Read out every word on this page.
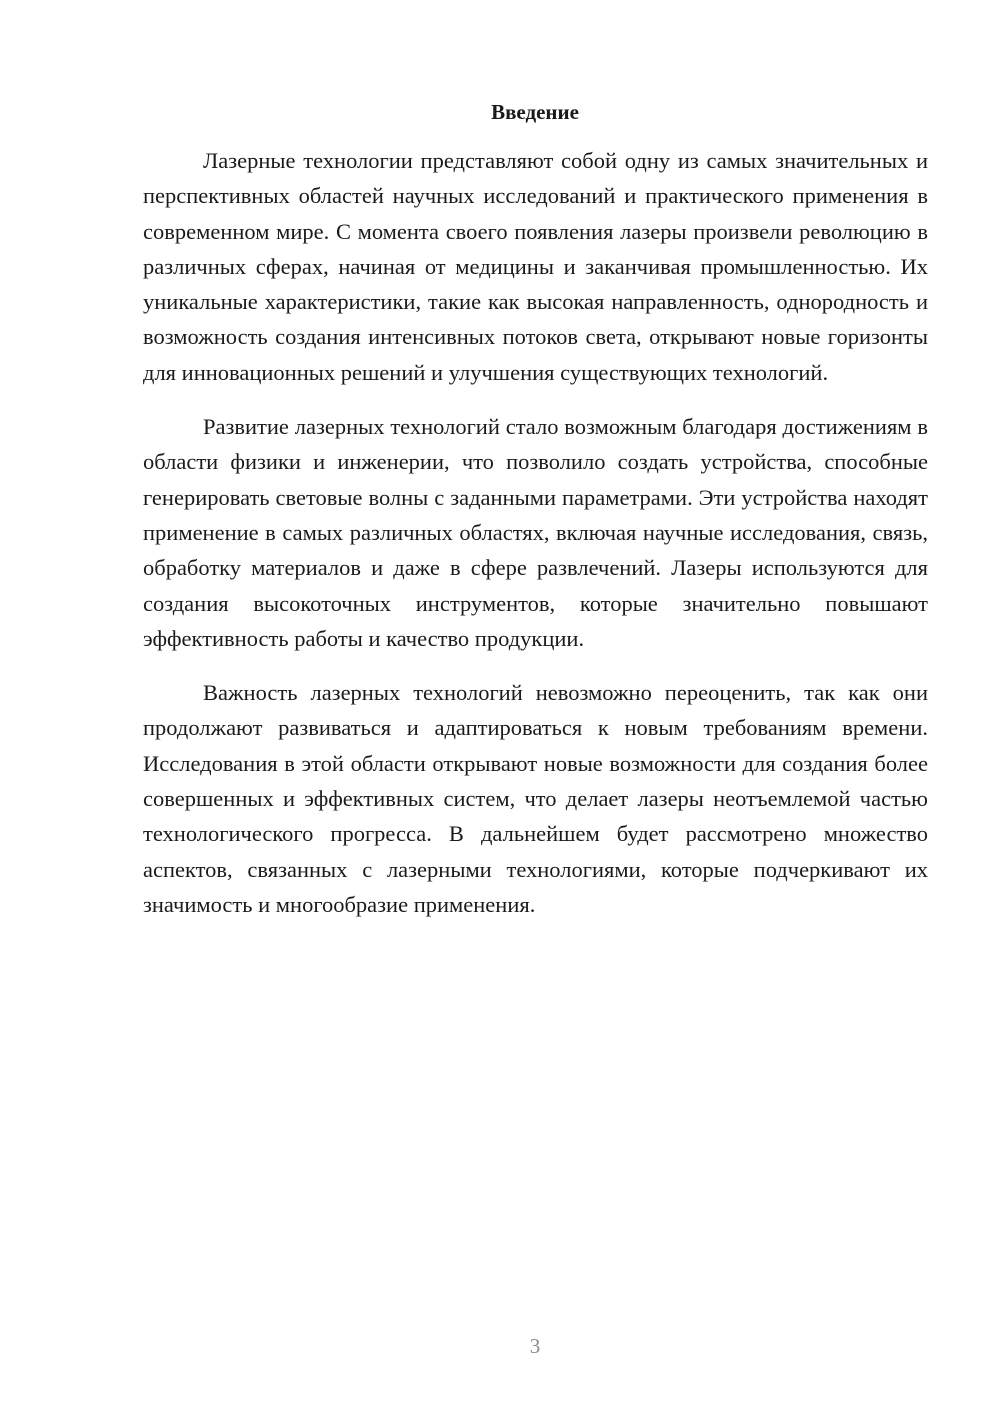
Введение

Лазерные технологии представляют собой одну из самых значительных и перспективных областей научных исследований и практического применения в современном мире. С момента своего появления лазеры произвели революцию в различных сферах, начиная от медицины и заканчивая промышленностью. Их уникальные характеристики, такие как высокая направленность, однородность и возможность создания интенсивных потоков света, открывают новые горизонты для инновационных решений и улучшения существующих технологий.

Развитие лазерных технологий стало возможным благодаря достижениям в области физики и инженерии, что позволило создать устройства, способные генерировать световые волны с заданными параметрами. Эти устройства находят применение в самых различных областях, включая научные исследования, связь, обработку материалов и даже в сфере развлечений. Лазеры используются для создания высокоточных инструментов, которые значительно повышают эффективность работы и качество продукции.

Важность лазерных технологий невозможно переоценить, так как они продолжают развиваться и адаптироваться к новым требованиям времени. Исследования в этой области открывают новые возможности для создания более совершенных и эффективных систем, что делает лазеры неотъемлемой частью технологического прогресса. В дальнейшем будет рассмотрено множество аспектов, связанных с лазерными технологиями, которые подчеркивают их значимость и многообразие применения.

3
